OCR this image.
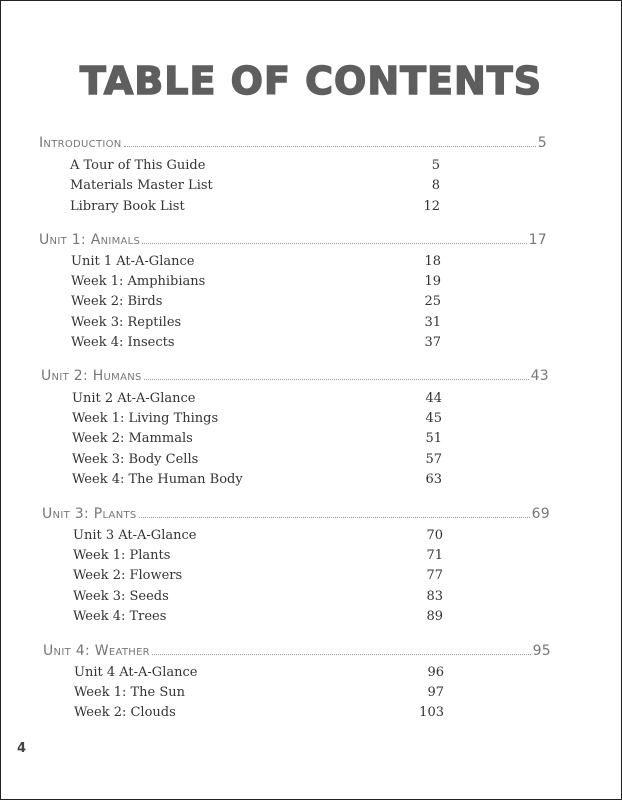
TABLE OF CONTENTS
Introduction	5
A Tour of This Guide	5
Materials Master List	8
Library Book List	12
Unit 1: Animals	17
Unit 1 At-A-Glance	18
Week 1: Amphibians	19
Week 2: Birds	25
Week 3: Reptiles	31
Week 4: Insects	37
Unit 2: Humans	43
Unit 2 At-A-Glance	44
Week 1: Living Things	45
Week 2: Mammals	51
Week 3: Body Cells	57
Week 4: The Human Body	63
Unit 3: Plants	69
Unit 3 At-A-Glance	70
Week 1: Plants	71
Week 2: Flowers	77
Week 3: Seeds	83
Week 4: Trees	89
Unit 4: Weather	95
Unit 4 At-A-Glance	96
Week 1: The Sun	97
Week 2: Clouds	103
4
